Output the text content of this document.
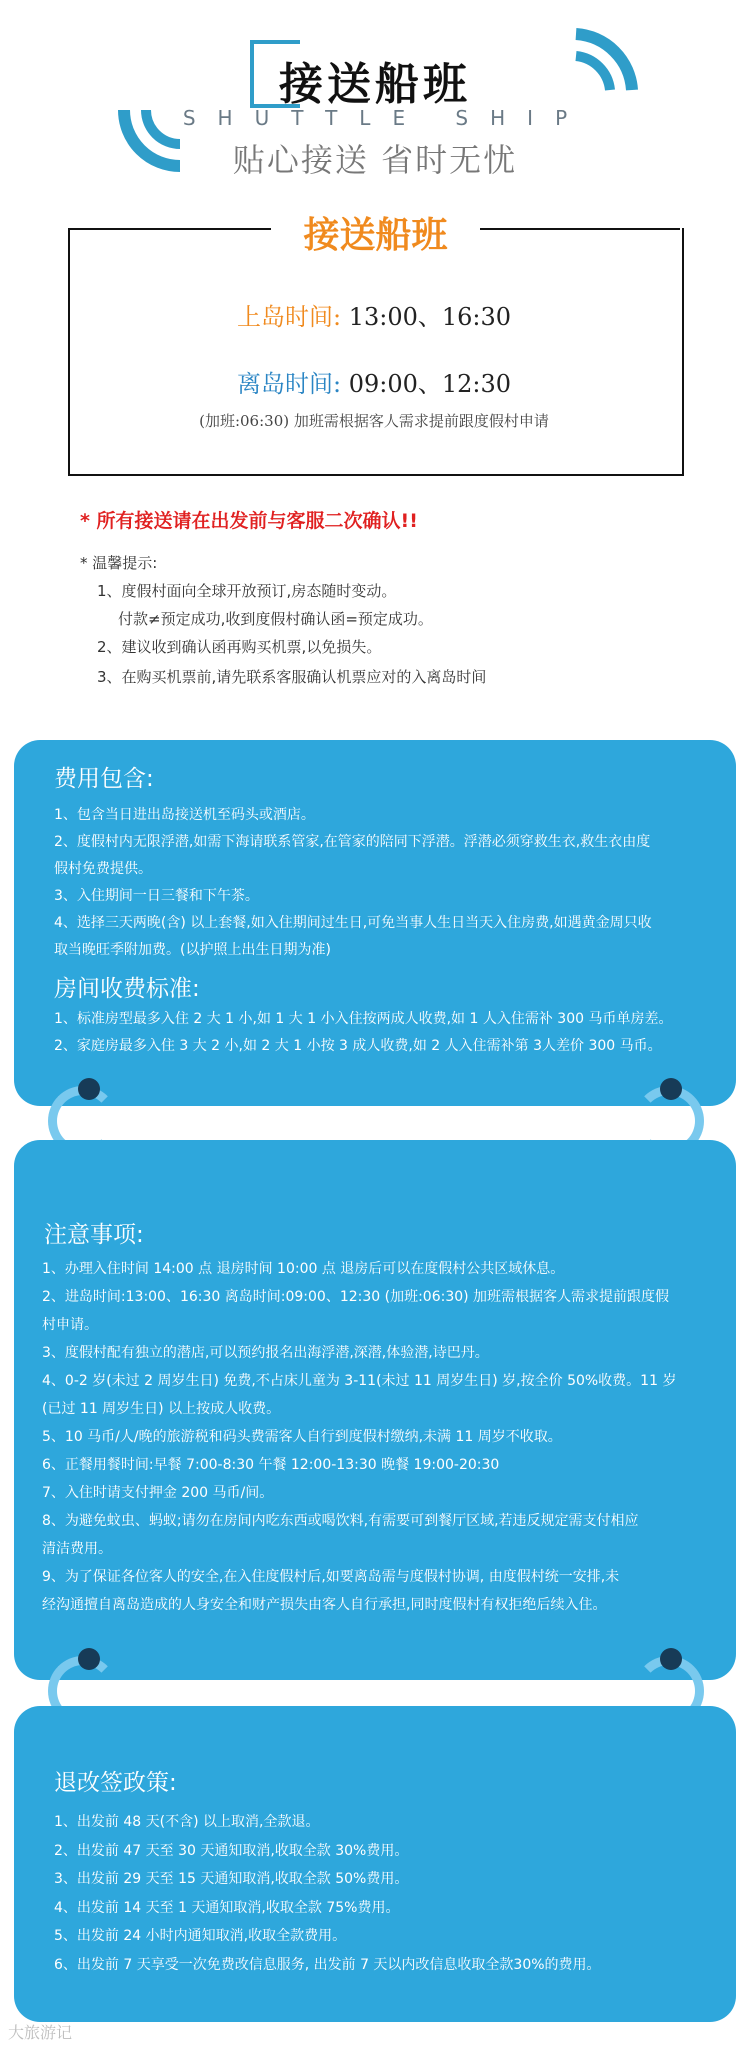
接送船班
SHUTTLE SHIP
贴心接送 省时无忧
接送船班
上岛时间: 13:00、16:30
离岛时间: 09:00、12:30
(加班:06:30) 加班需根据客人需求提前跟度假村申请
* 所有接送请在出发前与客服二次确认!!
* 温馨提示:
1、度假村面向全球开放预订,房态随时变动。
付款≠预定成功,收到度假村确认函=预定成功。
2、建议收到确认函再购买机票,以免损失。
3、在购买机票前,请先联系客服确认机票应对的入离岛时间
费用包含:
1、包含当日进出岛接送机至码头或酒店。
2、度假村内无限浮潜,如需下海请联系管家,在管家的陪同下浮潜。浮潜必须穿救生衣,救生衣由度
假村免费提供。
3、入住期间一日三餐和下午茶。
4、选择三天两晚(含) 以上套餐,如入住期间过生日,可免当事人生日当天入住房费,如遇黄金周只收
取当晚旺季附加费。(以护照上出生日期为准)
房间收费标准:
1、标准房型最多入住 2 大 1 小,如 1 大 1 小入住按两成人收费,如 1 人入住需补 300 马币单房差。
2、家庭房最多入住 3 大 2 小,如 2 大 1 小按 3 成人收费,如 2 人入住需补第 3人差价 300 马币。
注意事项:
1、办理入住时间 14:00 点 退房时间 10:00 点 退房后可以在度假村公共区域休息。
2、进岛时间:13:00、16:30 离岛时间:09:00、12:30 (加班:06:30) 加班需根据客人需求提前跟度假
村申请。
3、度假村配有独立的潜店,可以预约报名出海浮潜,深潜,体验潜,诗巴丹。
4、0-2 岁(未过 2 周岁生日) 免费,不占床儿童为 3-11(未过 11 周岁生日) 岁,按全价 50%收费。11 岁
(已过 11 周岁生日) 以上按成人收费。
5、10 马币/人/晚的旅游税和码头费需客人自行到度假村缴纳,未满 11 周岁不收取。
6、正餐用餐时间:早餐 7:00-8:30 午餐 12:00-13:30 晚餐 19:00-20:30
7、入住时请支付押金 200 马币/间。
8、为避免蚊虫、蚂蚁;请勿在房间内吃东西或喝饮料,有需要可到餐厅区域,若违反规定需支付相应
清洁费用。
9、为了保证各位客人的安全,在入住度假村后,如要离岛需与度假村协调, 由度假村统一安排,未
经沟通擅自离岛造成的人身安全和财产损失由客人自行承担,同时度假村有权拒绝后续入住。
退改签政策:
1、出发前 48 天(不含) 以上取消,全款退。
2、出发前 47 天至 30 天通知取消,收取全款 30%费用。
3、出发前 29 天至 15 天通知取消,收取全款 50%费用。
4、出发前 14 天至 1 天通知取消,收取全款 75%费用。
5、出发前 24 小时内通知取消,收取全款费用。
6、出发前 7 天享受一次免费改信息服务, 出发前 7 天以内改信息收取全款30%的费用。
大旅游记
